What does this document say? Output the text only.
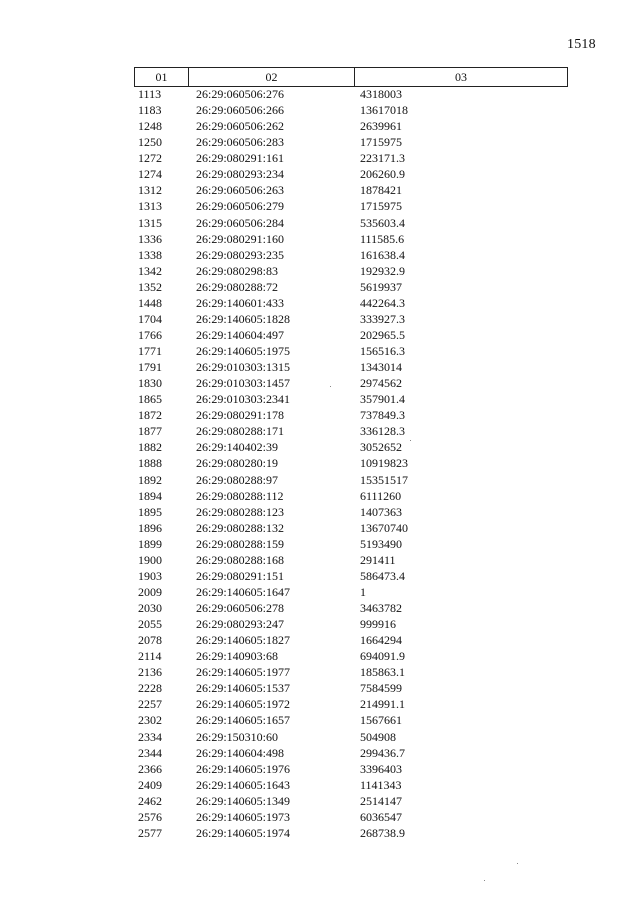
1518
01	02	03
1113	26:29:060506:276	4318003
1183	26:29:060506:266	13617018
1248	26:29:060506:262	2639961
1250	26:29:060506:283	1715975
1272	26:29:080291:161	223171.3
1274	26:29:080293:234	206260.9
1312	26:29:060506:263	1878421
1313	26:29:060506:279	1715975
1315	26:29:060506:284	535603.4
1336	26:29:080291:160	111585.6
1338	26:29:080293:235	161638.4
1342	26:29:080298:83	192932.9
1352	26:29:080288:72	5619937
1448	26:29:140601:433	442264.3
1704	26:29:140605:1828	333927.3
1766	26:29:140604:497	202965.5
1771	26:29:140605:1975	156516.3
1791	26:29:010303:1315	1343014
1830	26:29:010303:1457	2974562
1865	26:29:010303:2341	357901.4
1872	26:29:080291:178	737849.3
1877	26:29:080288:171	336128.3
1882	26:29:140402:39	3052652
1888	26:29:080280:19	10919823
1892	26:29:080288:97	15351517
1894	26:29:080288:112	6111260
1895	26:29:080288:123	1407363
1896	26:29:080288:132	13670740
1899	26:29:080288:159	5193490
1900	26:29:080288:168	291411
1903	26:29:080291:151	586473.4
2009	26:29:140605:1647	1
2030	26:29:060506:278	3463782
2055	26:29:080293:247	999916
2078	26:29:140605:1827	1664294
2114	26:29:140903:68	694091.9
2136	26:29:140605:1977	185863.1
2228	26:29:140605:1537	7584599
2257	26:29:140605:1972	214991.1
2302	26:29:140605:1657	1567661
2334	26:29:150310:60	504908
2344	26:29:140604:498	299436.7
2366	26:29:140605:1976	3396403
2409	26:29:140605:1643	1141343
2462	26:29:140605:1349	2514147
2576	26:29:140605:1973	6036547
2577	26:29:140605:1974	268738.9
